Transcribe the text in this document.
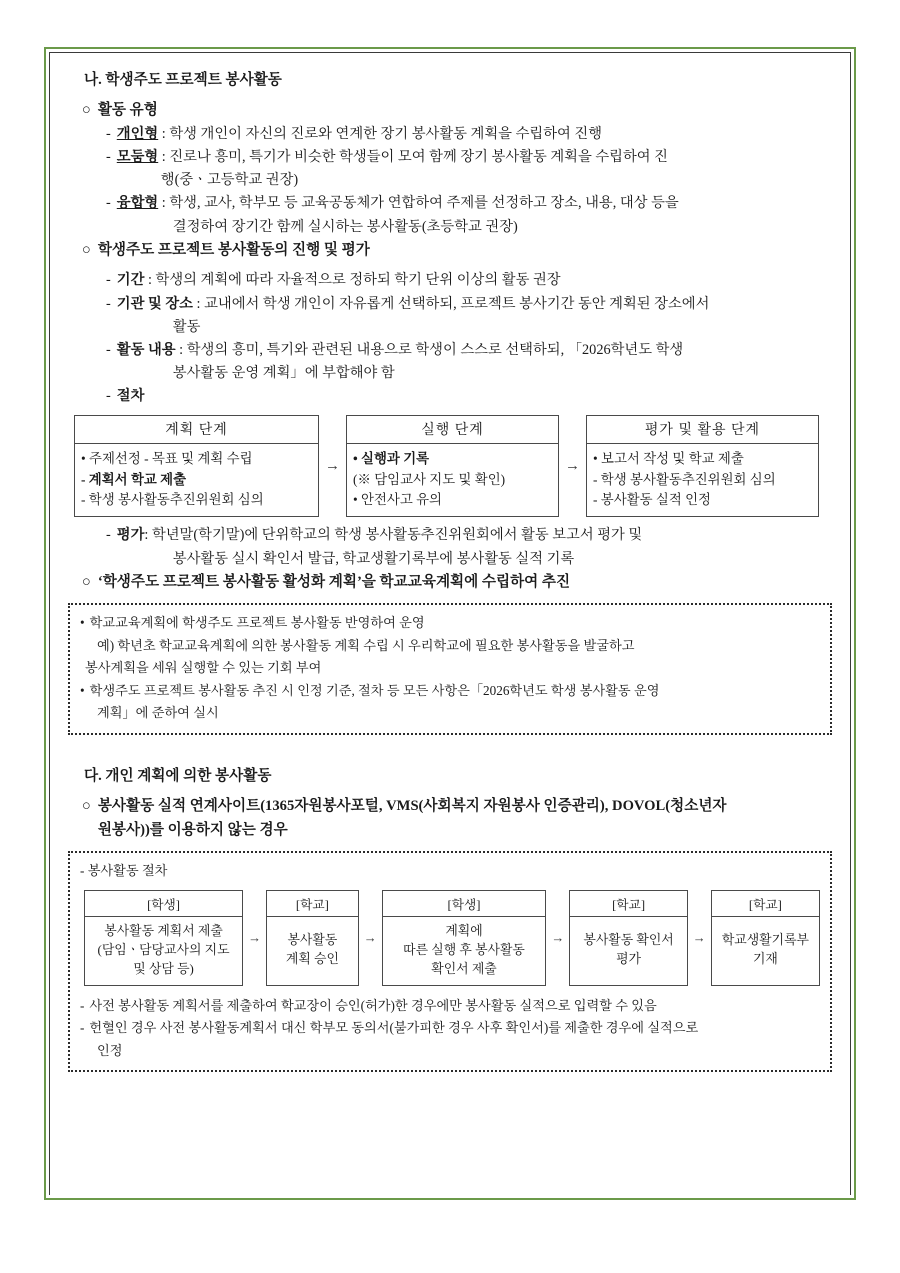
나. 학생주도 프로젝트 봉사활동
○ 활동 유형
- 개인형 : 학생 개인이 자신의 진로와 연계한 장기 봉사활동 계획을 수립하여 진행
- 모둠형 : 진로나 흥미, 특기가 비슷한 학생들이 모여 함께 장기 봉사활동 계획을 수립하여 진
행(중ㆍ고등학교 권장)
- 융합형 : 학생, 교사, 학부모 등 교육공동체가 연합하여 주제를 선정하고 장소, 내용, 대상 등을
결정하여 장기간 함께 실시하는 봉사활동(초등학교 권장)
○ 학생주도 프로젝트 봉사활동의 진행 및 평가
- 기간 : 학생의 계획에 따라 자율적으로 정하되 학기 단위 이상의 활동 권장
- 기관 및 장소 : 교내에서 학생 개인이 자유롭게 선택하되, 프로젝트 봉사기간 동안 계획된 장소에서
활동
- 활동 내용 : 학생의 흥미, 특기와 관련된 내용으로 학생이 스스로 선택하되, 「2026학년도 학생
봉사활동 운영 계획」에 부합해야 함
- 절차
계획 단계
• 주제선정 - 목표 및 계획 수립
- 계획서 학교 제출
- 학생 봉사활동추진위원회 심의
→
실행 단계
• 실행과 기록
(※ 담임교사 지도 및 확인)
• 안전사고 유의
→
평가 및 활용 단계
• 보고서 작성 및 학교 제출
- 학생 봉사활동추진위원회 심의
- 봉사활동 실적 인정
- 평가: 학년말(학기말)에 단위학교의 학생 봉사활동추진위원회에서 활동 보고서 평가 및
봉사활동 실시 확인서 발급, 학교생활기록부에 봉사활동 실적 기록
○ ‘학생주도 프로젝트 봉사활동 활성화 계획’을 학교교육계획에 수립하여 추진
• 학교교육계획에 학생주도 프로젝트 봉사활동 반영하여 운영
예) 학년초 학교교육계획에 의한 봉사활동 계획 수립 시 우리학교에 필요한 봉사활동을 발굴하고
봉사계획을 세워 실행할 수 있는 기회 부여
• 학생주도 프로젝트 봉사활동 추진 시 인정 기준, 절차 등 모든 사항은「2026학년도 학생 봉사활동 운영
계획」에 준하여 실시
다. 개인 계획에 의한 봉사활동
○ 봉사활동 실적 연계사이트(1365자원봉사포털, VMS(사회복지 자원봉사 인증관리), DOVOL(청소년자
원봉사))를 이용하지 않는 경우
- 봉사활동 절차
[학생]
봉사활동 계획서 제출
(담임ㆍ담당교사의 지도
및 상담 등)
→
[학교]
봉사활동
계획 승인
→
[학생]
계획에
따른 실행 후 봉사활동
확인서 제출
→
[학교]
봉사활동 확인서
평가
→
[학교]
학교생활기록부
기재
- 사전 봉사활동 계획서를 제출하여 학교장이 승인(허가)한 경우에만 봉사활동 실적으로 입력할 수 있음
- 헌혈인 경우 사전 봉사활동계획서 대신 학부모 동의서(불가피한 경우 사후 확인서)를 제출한 경우에 실적으로
인정
